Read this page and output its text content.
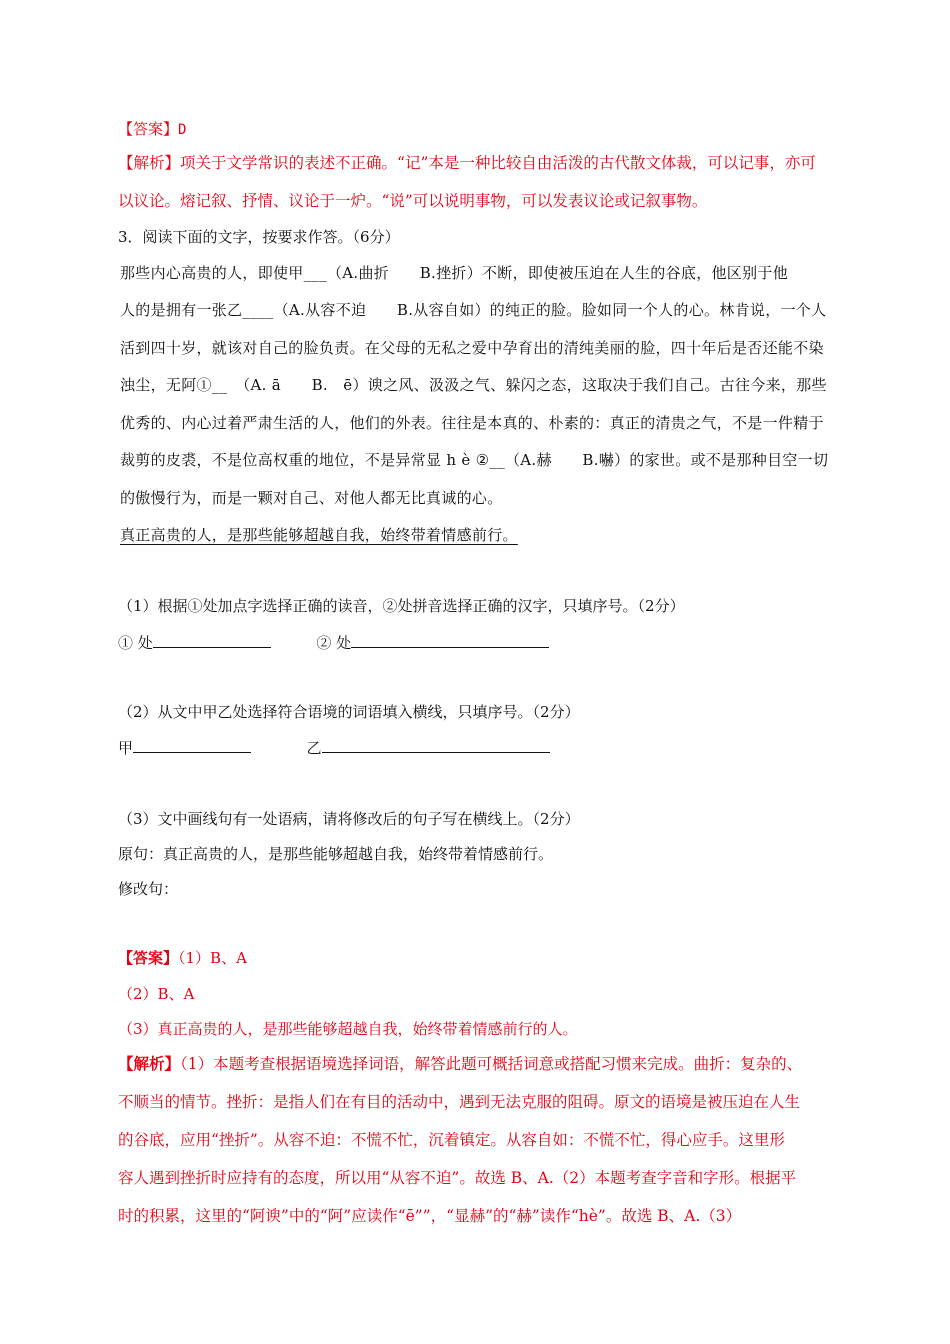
【答案】D
【解析】项关于文学常识的表述不正确。“记”本是一种比较自由活泼的古代散文体裁，可以记事，亦可
以议论。熔记叙、抒情、议论于一炉。“说”可以说明事物，可以发表议论或记叙事物。
3．阅读下面的文字，按要求作答。（6分）
那些内心高贵的人，即使甲___（A.曲折　　B.挫折）不断，即使被压迫在人生的谷底，他区别于他
人的是拥有一张乙____（A.从容不迫　　B.从容自如）的纯正的脸。脸如同一个人的心。林肯说，一个人
活到四十岁，就该对自己的脸负责。在父母的无私之爱中孕育出的清纯美丽的脸，四十年后是否还能不染
浊尘，无阿①__　（A. ā　　B.　ē）谀之风、汲汲之气、躲闪之态，这取决于我们自己。古往今来，那些
优秀的、内心过着严肃生活的人，他们的外表。往往是本真的、朴素的：真正的清贵之气，不是一件精于
裁剪的皮裘，不是位高权重的地位，不是异常显 h è ②__（A.赫　　B.嚇）的家世。或不是那种目空一切
的傲慢行为，而是一颗对自己、对他人都无比真诚的心。
真正高贵的人，是那些能够超越自我，始终带着情感前行。
（1）根据①处加点字选择正确的读音，②处拼音选择正确的汉字，只填序号。（2分）
① 处	② 处
（2）从文中甲乙处选择符合语境的词语填入横线，只填序号。（2分）
甲	乙
（3）文中画线句有一处语病，请将修改后的句子写在横线上。（2分）
原句：真正高贵的人，是那些能够超越自我，始终带着情感前行。
修改句：
【答案】（1）B、A
（2）B、A
（3）真正高贵的人，是那些能够超越自我，始终带着情感前行的人。
【解析】（1）本题考查根据语境选择词语，解答此题可概括词意或搭配习惯来完成。曲折：复杂的、
不顺当的情节。挫折：是指人们在有目的活动中，遇到无法克服的阻碍。原文的语境是被压迫在人生
的谷底，应用“挫折”。从容不迫：不慌不忙，沉着镇定。从容自如：不慌不忙，得心应手。这里形
容人遇到挫折时应持有的态度，所以用“从容不迫”。故选 B、A.（2）本题考查字音和字形。根据平
时的积累，这里的“阿谀”中的“阿”应读作“ē””，“显赫”的“赫”读作“hè”。故选 B、A.（3）
